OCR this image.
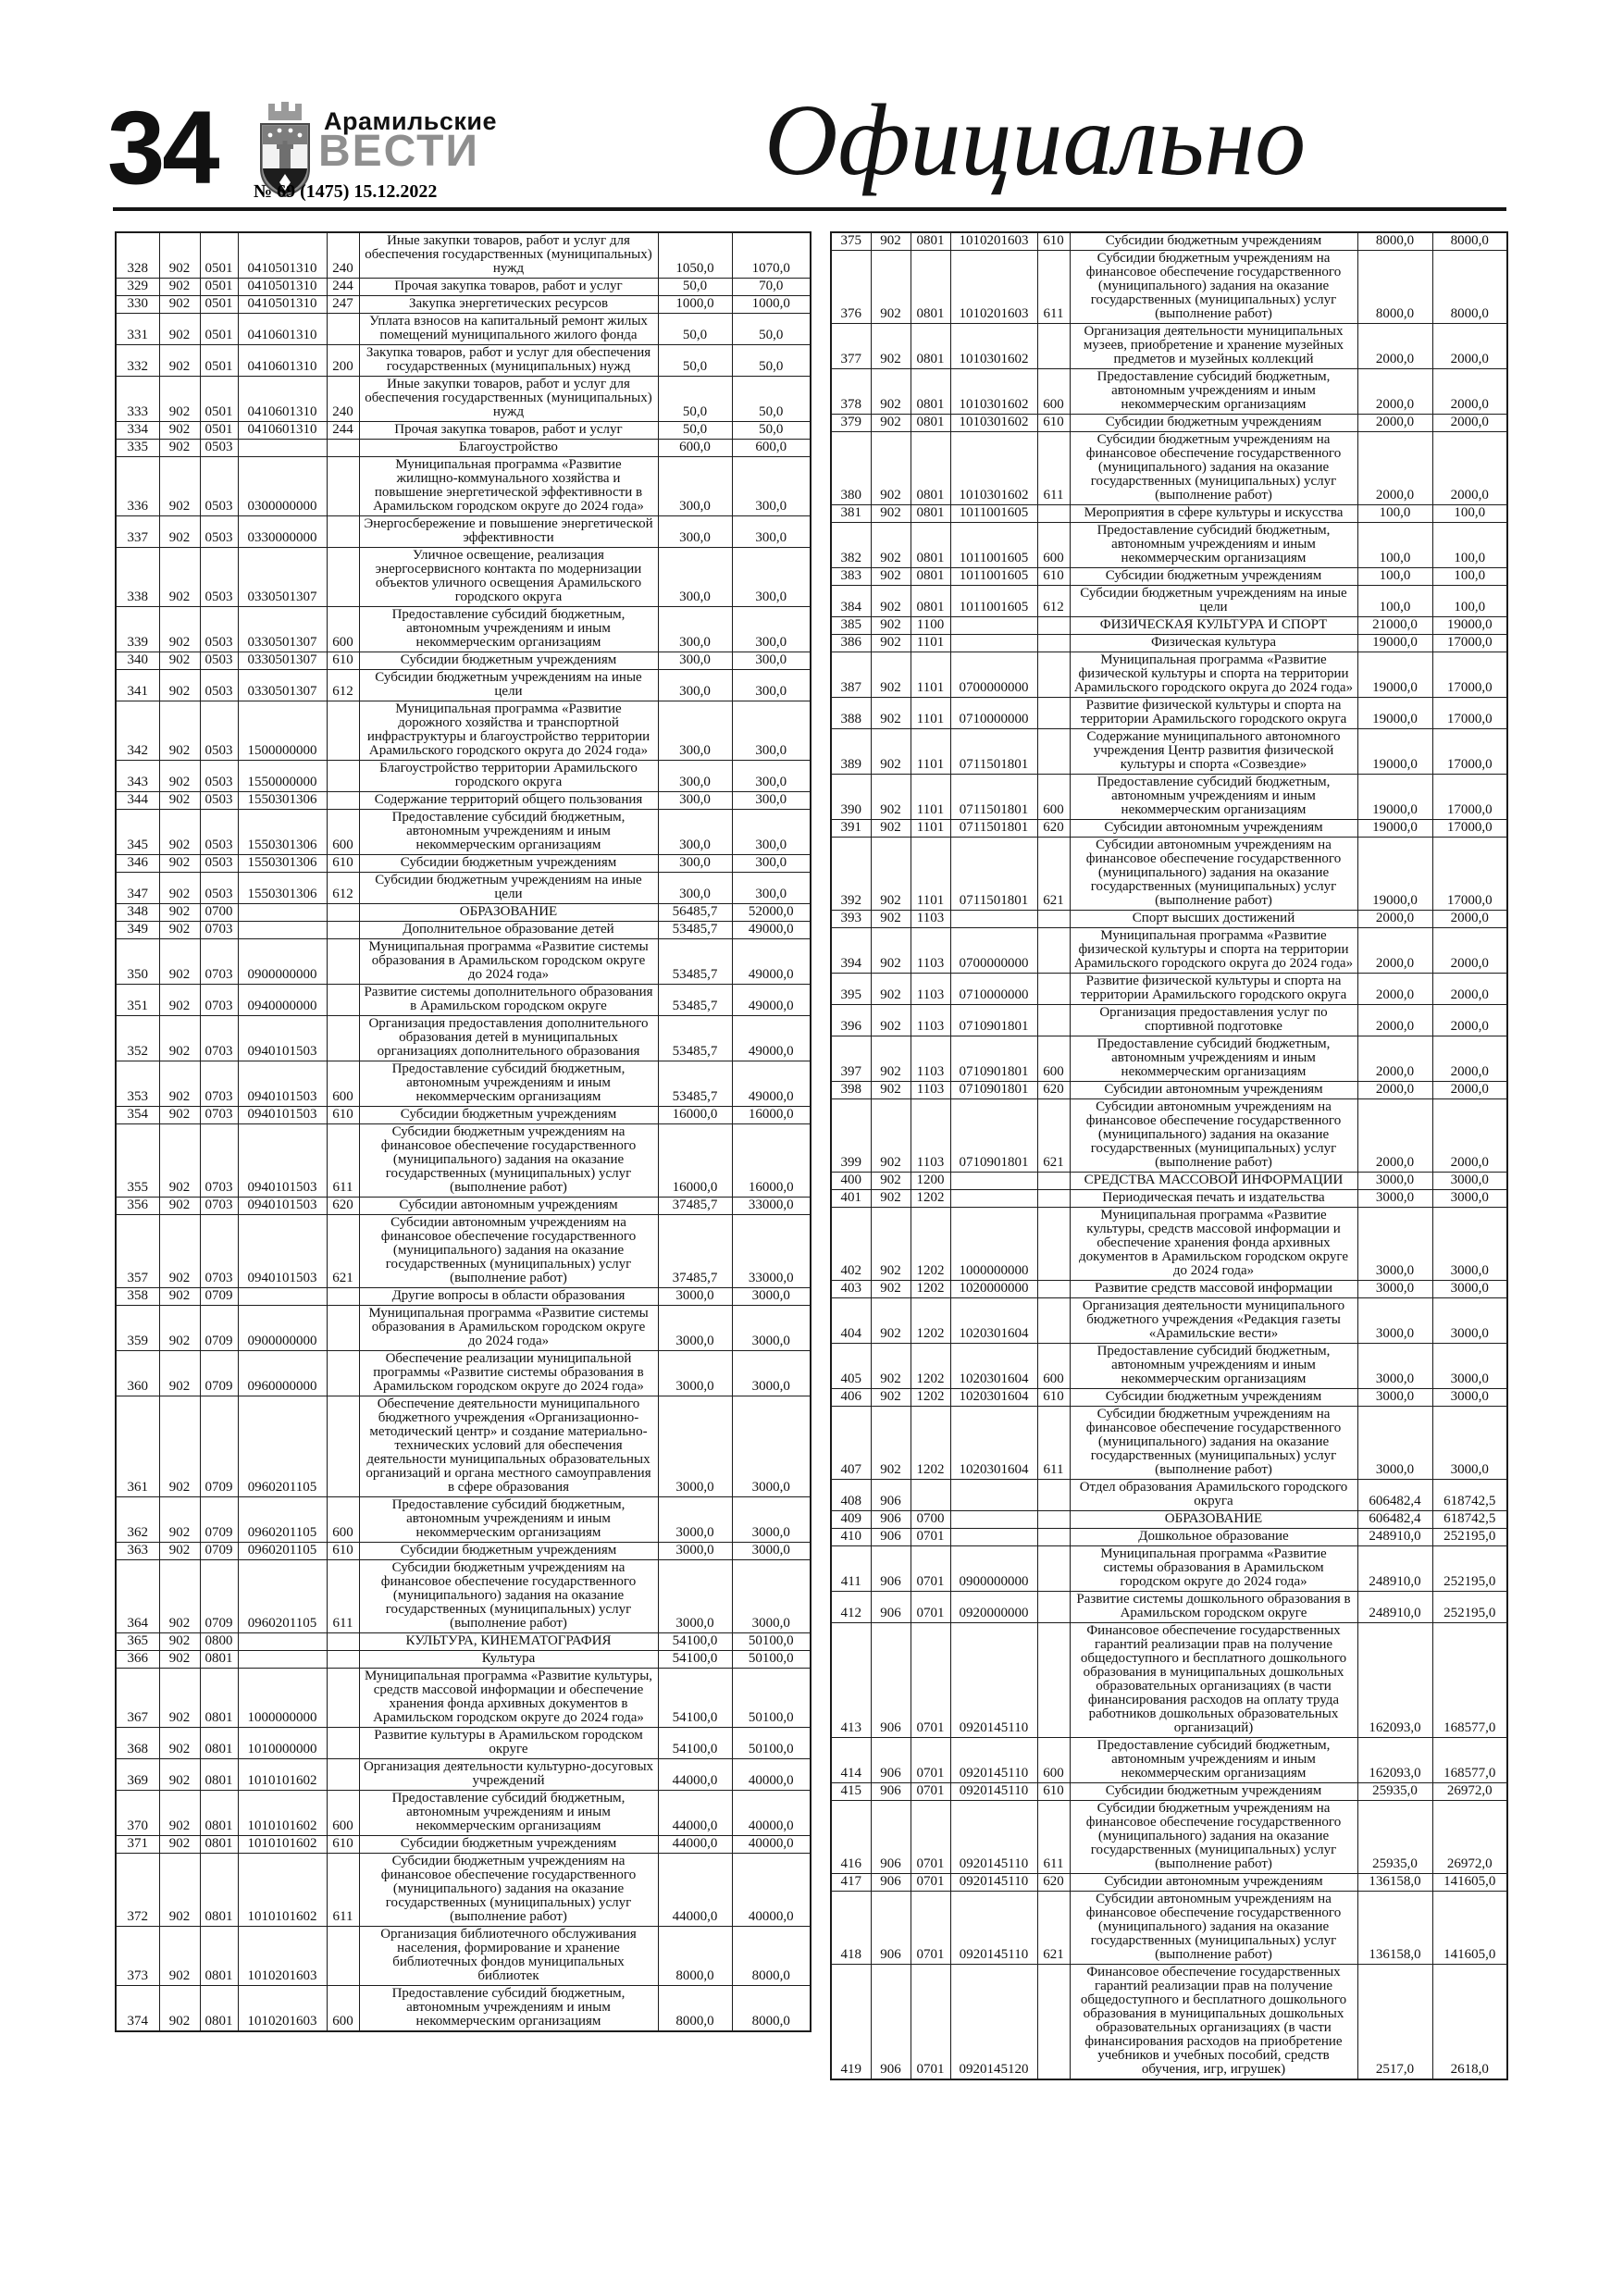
34	Арамильские
ВЕСТИ
№ 69 (1475) 15.12.2022	Официально
328	902	0501	0410501310	240	Иные закупки товаров, работ и услуг для обеспечения государственных (муниципальных) нужд	1050,0	1070,0
329	902	0501	0410501310	244	Прочая закупка товаров, работ и услуг	50,0	70,0
330	902	0501	0410501310	247	Закупка энергетических ресурсов	1000,0	1000,0
331	902	0501	0410601310		Уплата взносов на капитальный ремонт жилых помещений муниципального жилого фонда	50,0	50,0
332	902	0501	0410601310	200	Закупка товаров, работ и услуг для обеспечения государственных (муниципальных) нужд	50,0	50,0
333	902	0501	0410601310	240	Иные закупки товаров, работ и услуг для обеспечения государственных (муниципальных) нужд	50,0	50,0
334	902	0501	0410601310	244	Прочая закупка товаров, работ и услуг	50,0	50,0
335	902	0503			Благоустройство	600,0	600,0
336	902	0503	0300000000		Муниципальная программа «Развитие жилищно-коммунального хозяйства и повышение энергетической эффективности в Арамильском городском округе до 2024 года»	300,0	300,0
337	902	0503	0330000000		Энергосбережение и повышение энергетической эффективности	300,0	300,0
338	902	0503	0330501307		Уличное освещение, реализация энергосервисного контакта по модернизации объектов уличного освещения Арамильского городского округа	300,0	300,0
339	902	0503	0330501307	600	Предоставление субсидий бюджетным, автономным учреждениям и иным некоммерческим организациям	300,0	300,0
340	902	0503	0330501307	610	Субсидии бюджетным учреждениям	300,0	300,0
341	902	0503	0330501307	612	Субсидии бюджетным учреждениям на иные цели	300,0	300,0
342	902	0503	1500000000		Муниципальная программа «Развитие дорожного хозяйства и транспортной инфраструктуры и благоустройство территории Арамильского городского округа до 2024 года»	300,0	300,0
343	902	0503	1550000000		Благоустройство территории Арамильского городского округа	300,0	300,0
344	902	0503	1550301306		Содержание территорий общего пользования	300,0	300,0
345	902	0503	1550301306	600	Предоставление субсидий бюджетным, автономным учреждениям и иным некоммерческим организациям	300,0	300,0
346	902	0503	1550301306	610	Субсидии бюджетным учреждениям	300,0	300,0
347	902	0503	1550301306	612	Субсидии бюджетным учреждениям на иные цели	300,0	300,0
348	902	0700			ОБРАЗОВАНИЕ	56485,7	52000,0
349	902	0703			Дополнительное образование детей	53485,7	49000,0
350	902	0703	0900000000		Муниципальная программа «Развитие системы образования в Арамильском городском округе до 2024 года»	53485,7	49000,0
351	902	0703	0940000000		Развитие системы дополнительного образования в Арамильском городском округе	53485,7	49000,0
352	902	0703	0940101503		Организация предоставления дополнительного образования детей в муниципальных организациях дополнительного образования	53485,7	49000,0
353	902	0703	0940101503	600	Предоставление субсидий бюджетным, автономным учреждениям и иным некоммерческим организациям	53485,7	49000,0
354	902	0703	0940101503	610	Субсидии бюджетным учреждениям	16000,0	16000,0
355	902	0703	0940101503	611	Субсидии бюджетным учреждениям на финансовое обеспечение государственного (муниципального) задания на оказание государственных (муниципальных) услуг (выполнение работ)	16000,0	16000,0
356	902	0703	0940101503	620	Субсидии автономным учреждениям	37485,7	33000,0
357	902	0703	0940101503	621	Субсидии автономным учреждениям на финансовое обеспечение государственного (муниципального) задания на оказание государственных (муниципальных) услуг (выполнение работ)	37485,7	33000,0
358	902	0709			Другие вопросы в области образования	3000,0	3000,0
359	902	0709	0900000000		Муниципальная программа «Развитие системы образования в Арамильском городском округе до 2024 года»	3000,0	3000,0
360	902	0709	0960000000		Обеспечение реализации муниципальной программы «Развитие системы образования в Арамильском городском округе до 2024 года»	3000,0	3000,0
361	902	0709	0960201105		Обеспечение деятельности муниципального бюджетного учреждения «Организационно-методический центр» и создание материально-технических условий для обеспечения деятельности муниципальных образовательных организаций и органа местного самоуправления в сфере образования	3000,0	3000,0
362	902	0709	0960201105	600	Предоставление субсидий бюджетным, автономным учреждениям и иным некоммерческим организациям	3000,0	3000,0
363	902	0709	0960201105	610	Субсидии бюджетным учреждениям	3000,0	3000,0
364	902	0709	0960201105	611	Субсидии бюджетным учреждениям на финансовое обеспечение государственного (муниципального) задания на оказание государственных (муниципальных) услуг (выполнение работ)	3000,0	3000,0
365	902	0800			КУЛЬТУРА, КИНЕМАТОГРАФИЯ	54100,0	50100,0
366	902	0801			Культура	54100,0	50100,0
367	902	0801	1000000000		Муниципальная программа «Развитие культуры, средств массовой информации и обеспечение хранения фонда архивных документов в Арамильском городском округе до 2024 года»	54100,0	50100,0
368	902	0801	1010000000		Развитие культуры в Арамильском городском округе	54100,0	50100,0
369	902	0801	1010101602		Организация деятельности культурно-досуговых учреждений	44000,0	40000,0
370	902	0801	1010101602	600	Предоставление субсидий бюджетным, автономным учреждениям и иным некоммерческим организациям	44000,0	40000,0
371	902	0801	1010101602	610	Субсидии бюджетным учреждениям	44000,0	40000,0
372	902	0801	1010101602	611	Субсидии бюджетным учреждениям на финансовое обеспечение государственного (муниципального) задания на оказание государственных (муниципальных) услуг (выполнение работ)	44000,0	40000,0
373	902	0801	1010201603		Организация библиотечного обслуживания населения, формирование и хранение библиотечных фондов муниципальных библиотек	8000,0	8000,0
374	902	0801	1010201603	600	Предоставление субсидий бюджетным, автономным учреждениям и иным некоммерческим организациям	8000,0	8000,0
375	902	0801	1010201603	610	Субсидии бюджетным учреждениям	8000,0	8000,0
376	902	0801	1010201603	611	Субсидии бюджетным учреждениям на финансовое обеспечение государственного (муниципального) задания на оказание государственных (муниципальных) услуг (выполнение работ)	8000,0	8000,0
377	902	0801	1010301602		Организация деятельности муниципальных музеев, приобретение и хранение музейных предметов и музейных коллекций	2000,0	2000,0
378	902	0801	1010301602	600	Предоставление субсидий бюджетным, автономным учреждениям и иным некоммерческим организациям	2000,0	2000,0
379	902	0801	1010301602	610	Субсидии бюджетным учреждениям	2000,0	2000,0
380	902	0801	1010301602	611	Субсидии бюджетным учреждениям на финансовое обеспечение государственного (муниципального) задания на оказание государственных (муниципальных) услуг (выполнение работ)	2000,0	2000,0
381	902	0801	1011001605		Мероприятия в сфере культуры и искусства	100,0	100,0
382	902	0801	1011001605	600	Предоставление субсидий бюджетным, автономным учреждениям и иным некоммерческим организациям	100,0	100,0
383	902	0801	1011001605	610	Субсидии бюджетным учреждениям	100,0	100,0
384	902	0801	1011001605	612	Субсидии бюджетным учреждениям на иные цели	100,0	100,0
385	902	1100			ФИЗИЧЕСКАЯ КУЛЬТУРА И СПОРТ	21000,0	19000,0
386	902	1101			Физическая культура	19000,0	17000,0
387	902	1101	0700000000		Муниципальная программа «Развитие физической культуры и спорта на территории Арамильского городского округа до 2024 года»	19000,0	17000,0
388	902	1101	0710000000		Развитие физической культуры и спорта на территории Арамильского городского округа	19000,0	17000,0
389	902	1101	0711501801		Содержание муниципального автономного учреждения Центр развития физической культуры и спорта «Созвездие»	19000,0	17000,0
390	902	1101	0711501801	600	Предоставление субсидий бюджетным, автономным учреждениям и иным некоммерческим организациям	19000,0	17000,0
391	902	1101	0711501801	620	Субсидии автономным учреждениям	19000,0	17000,0
392	902	1101	0711501801	621	Субсидии автономным учреждениям на финансовое обеспечение государственного (муниципального) задания на оказание государственных (муниципальных) услуг (выполнение работ)	19000,0	17000,0
393	902	1103			Спорт высших достижений	2000,0	2000,0
394	902	1103	0700000000		Муниципальная программа «Развитие физической культуры и спорта на территории Арамильского городского округа до 2024 года»	2000,0	2000,0
395	902	1103	0710000000		Развитие физической культуры и спорта на территории Арамильского городского округа	2000,0	2000,0
396	902	1103	0710901801		Организация предоставления услуг по спортивной подготовке	2000,0	2000,0
397	902	1103	0710901801	600	Предоставление субсидий бюджетным, автономным учреждениям и иным некоммерческим организациям	2000,0	2000,0
398	902	1103	0710901801	620	Субсидии автономным учреждениям	2000,0	2000,0
399	902	1103	0710901801	621	Субсидии автономным учреждениям на финансовое обеспечение государственного (муниципального) задания на оказание государственных (муниципальных) услуг (выполнение работ)	2000,0	2000,0
400	902	1200			СРЕДСТВА МАССОВОЙ ИНФОРМАЦИИ	3000,0	3000,0
401	902	1202			Периодическая печать и издательства	3000,0	3000,0
402	902	1202	1000000000		Муниципальная программа «Развитие культуры, средств массовой информации и обеспечение хранения фонда архивных документов в Арамильском городском округе до 2024 года»	3000,0	3000,0
403	902	1202	1020000000		Развитие средств массовой информации	3000,0	3000,0
404	902	1202	1020301604		Организация деятельности муниципального бюджетного учреждения «Редакция газеты «Арамильские вести»	3000,0	3000,0
405	902	1202	1020301604	600	Предоставление субсидий бюджетным, автономным учреждениям и иным некоммерческим организациям	3000,0	3000,0
406	902	1202	1020301604	610	Субсидии бюджетным учреждениям	3000,0	3000,0
407	902	1202	1020301604	611	Субсидии бюджетным учреждениям на финансовое обеспечение государственного (муниципального) задания на оказание государственных (муниципальных) услуг (выполнение работ)	3000,0	3000,0
408	906				Отдел образования Арамильского городского округа	606482,4	618742,5
409	906	0700			ОБРАЗОВАНИЕ	606482,4	618742,5
410	906	0701			Дошкольное образование	248910,0	252195,0
411	906	0701	0900000000		Муниципальная программа «Развитие системы образования в Арамильском городском округе до 2024 года»	248910,0	252195,0
412	906	0701	0920000000		Развитие системы дошкольного образования в Арамильском городском округе	248910,0	252195,0
413	906	0701	0920145110		Финансовое обеспечение государственных гарантий реализации прав на получение общедоступного и бесплатного дошкольного образования в муниципальных дошкольных образовательных организациях (в части финансирования расходов на оплату труда работников дошкольных образовательных организаций)	162093,0	168577,0
414	906	0701	0920145110	600	Предоставление субсидий бюджетным, автономным учреждениям и иным некоммерческим организациям	162093,0	168577,0
415	906	0701	0920145110	610	Субсидии бюджетным учреждениям	25935,0	26972,0
416	906	0701	0920145110	611	Субсидии бюджетным учреждениям на финансовое обеспечение государственного (муниципального) задания на оказание государственных (муниципальных) услуг (выполнение работ)	25935,0	26972,0
417	906	0701	0920145110	620	Субсидии автономным учреждениям	136158,0	141605,0
418	906	0701	0920145110	621	Субсидии автономным учреждениям на финансовое обеспечение государственного (муниципального) задания на оказание государственных (муниципальных) услуг (выполнение работ)	136158,0	141605,0
419	906	0701	0920145120		Финансовое обеспечение государственных гарантий реализации прав на получение общедоступного и бесплатного дошкольного образования в муниципальных дошкольных образовательных организациях (в части финансирования расходов на приобретение учебников и учебных пособий, средств обучения, игр, игрушек)	2517,0	2618,0
